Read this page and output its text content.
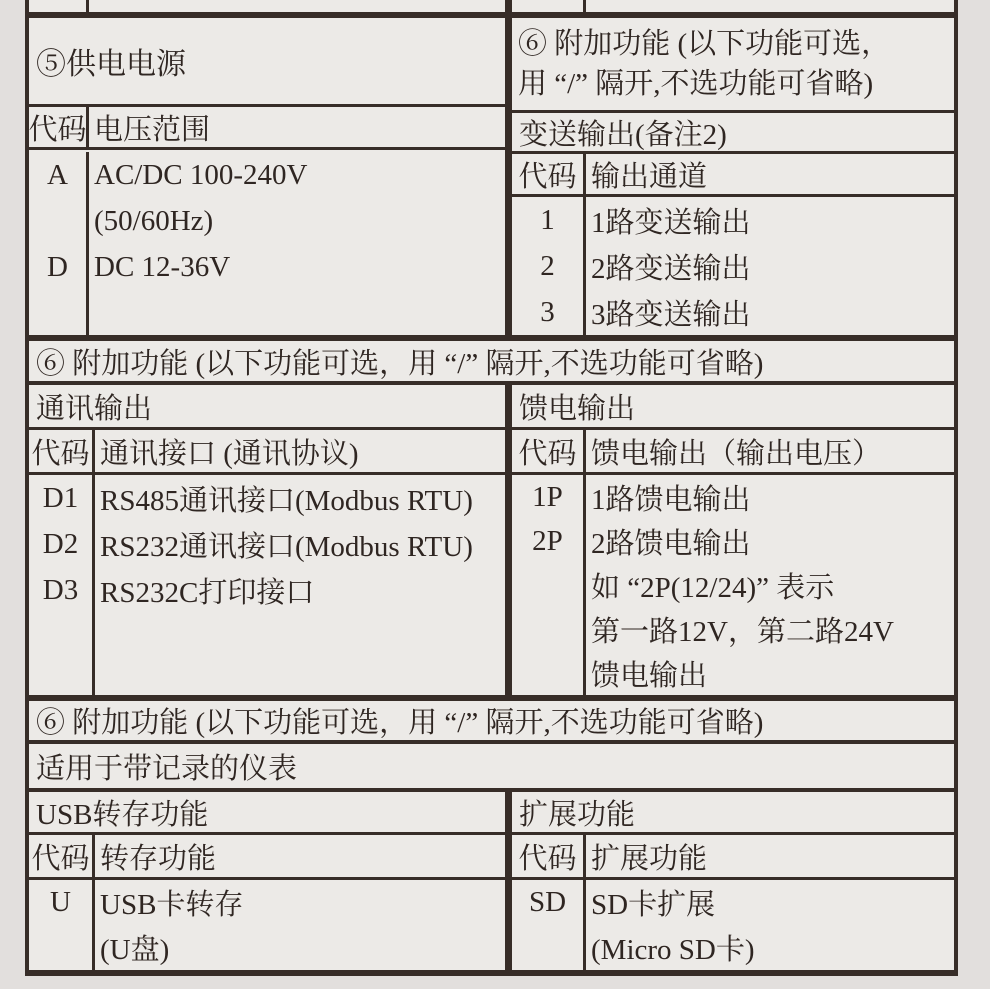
⑤供电电源
代码 电压范围
A
D
AC/DC 100-240V
(50/60Hz)
DC 12-36V
⑥ 附加功能 (以下功能可选，
用 “/” 隔开,不选功能可省略)
变送输出(备注2)
代码 输出通道
1
2
3
1路变送输出
2路变送输出
3路变送输出
⑥ 附加功能 (以下功能可选，用 “/” 隔开,不选功能可省略)
通讯输出
代码 通讯接口 (通讯协议)
D1
D2
D3
RS485通讯接口(Modbus RTU)
RS232通讯接口(Modbus RTU)
RS232C打印接口
馈电输出
代码 馈电输出（输出电压）
1P
2P
1路馈电输出
2路馈电输出
如 “2P(12/24)” 表示
第一路12V，第二路24V
馈电输出
⑥ 附加功能 (以下功能可选，用 “/” 隔开,不选功能可省略)
适用于带记录的仪表
USB转存功能
代码 转存功能
U	USB卡转存
(U盘)
扩展功能
代码 扩展功能
SD SD卡扩展
(Micro SD卡)
